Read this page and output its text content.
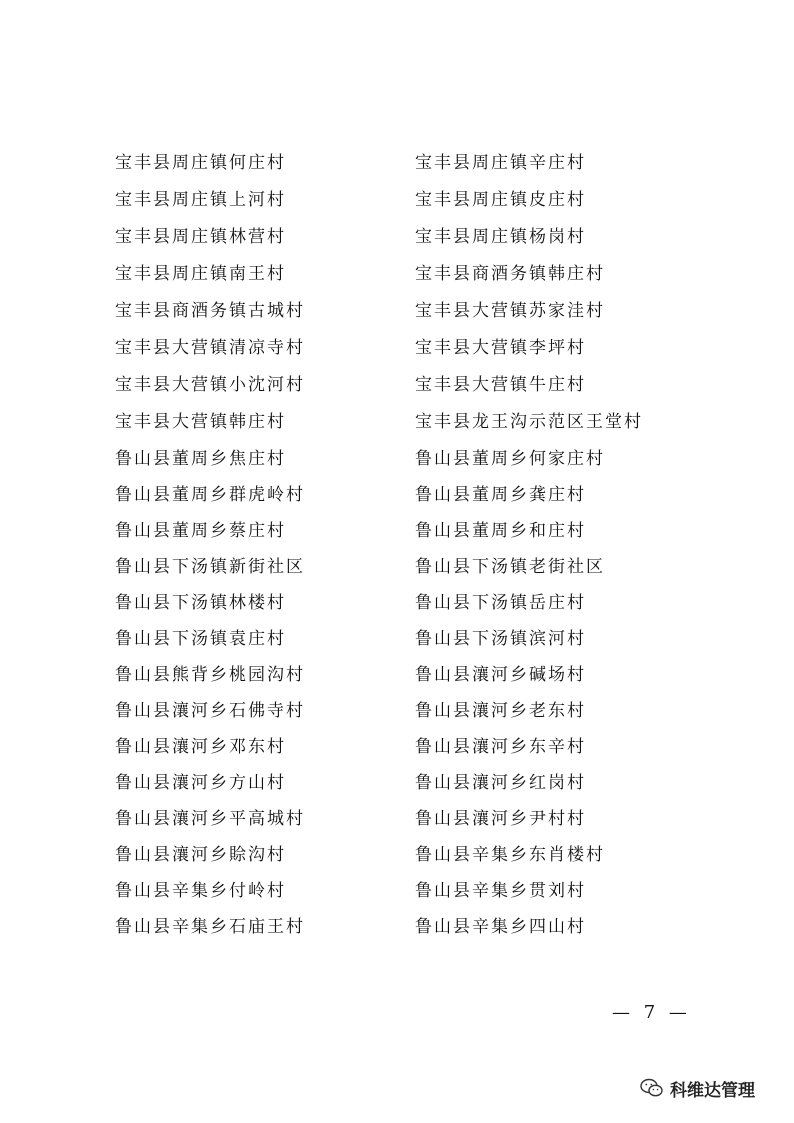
宝丰县周庄镇何庄村
宝丰县周庄镇上河村
宝丰县周庄镇林营村
宝丰县周庄镇南王村
宝丰县商酒务镇古城村
宝丰县大营镇清凉寺村
宝丰县大营镇小沈河村
宝丰县大营镇韩庄村
鲁山县董周乡焦庄村
鲁山县董周乡群虎岭村
鲁山县董周乡蔡庄村
鲁山县下汤镇新街社区
鲁山县下汤镇林楼村
鲁山县下汤镇袁庄村
鲁山县熊背乡桃园沟村
鲁山县瀼河乡石佛寺村
鲁山县瀼河乡邓东村
鲁山县瀼河乡方山村
鲁山县瀼河乡平高城村
鲁山县瀼河乡賒沟村
鲁山县辛集乡付岭村
鲁山县辛集乡石庙王村
宝丰县周庄镇辛庄村
宝丰县周庄镇皮庄村
宝丰县周庄镇杨岗村
宝丰县商酒务镇韩庄村
宝丰县大营镇苏家洼村
宝丰县大营镇李坪村
宝丰县大营镇牛庄村
宝丰县龙王沟示范区王堂村
鲁山县董周乡何家庄村
鲁山县董周乡龚庄村
鲁山县董周乡和庄村
鲁山县下汤镇老街社区
鲁山县下汤镇岳庄村
鲁山县下汤镇滨河村
鲁山县瀼河乡碱场村
鲁山县瀼河乡老东村
鲁山县瀼河乡东辛村
鲁山县瀼河乡红岗村
鲁山县瀼河乡尹村村
鲁山县辛集乡东肖楼村
鲁山县辛集乡贯刘村
鲁山县辛集乡四山村
— 7 —
科维达管理
